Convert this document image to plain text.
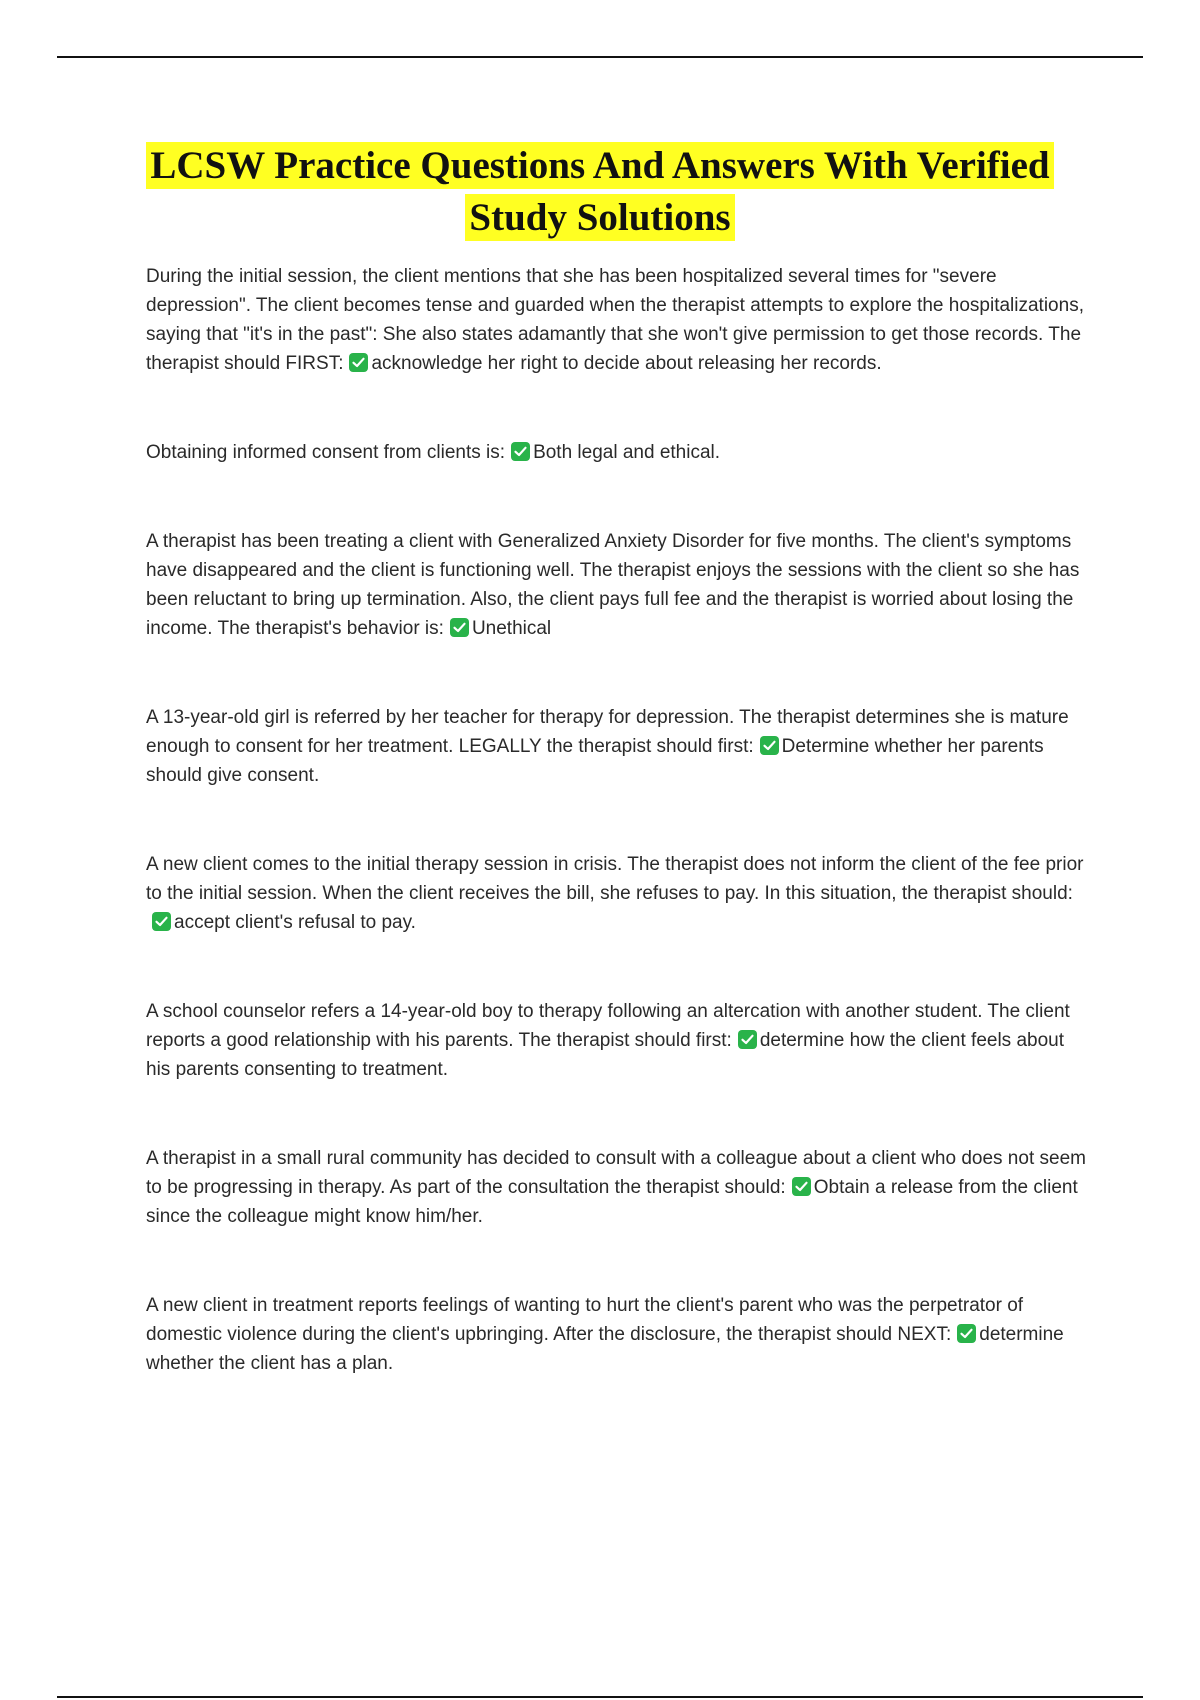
LCSW Practice Questions And Answers With Verified Study Solutions

During the initial session, the client mentions that she has been hospitalized several times for "severe depression". The client becomes tense and guarded when the therapist attempts to explore the hospitalizations, saying that "it's in the past": She also states adamantly that she won't give permission to get those records. The therapist should FIRST: acknowledge her right to decide about releasing her records.

Obtaining informed consent from clients is: Both legal and ethical.

A therapist has been treating a client with Generalized Anxiety Disorder for five months. The client's symptoms have disappeared and the client is functioning well. The therapist enjoys the sessions with the client so she has been reluctant to bring up termination. Also, the client pays full fee and the therapist is worried about losing the income. The therapist's behavior is: Unethical

A 13-year-old girl is referred by her teacher for therapy for depression. The therapist determines she is mature enough to consent for her treatment. LEGALLY the therapist should first: Determine whether her parents should give consent.

A new client comes to the initial therapy session in crisis. The therapist does not inform the client of the fee prior to the initial session. When the client receives the bill, she refuses to pay. In this situation, the therapist should:
accept client's refusal to pay.

A school counselor refers a 14-year-old boy to therapy following an altercation with another student. The client reports a good relationship with his parents. The therapist should first: determine how the client feels about his parents consenting to treatment.

A therapist in a small rural community has decided to consult with a colleague about a client who does not seem to be progressing in therapy. As part of the consultation the therapist should: Obtain a release from the client since the colleague might know him/her.

A new client in treatment reports feelings of wanting to hurt the client's parent who was the perpetrator of domestic violence during the client's upbringing. After the disclosure, the therapist should NEXT: determine whether the client has a plan.
